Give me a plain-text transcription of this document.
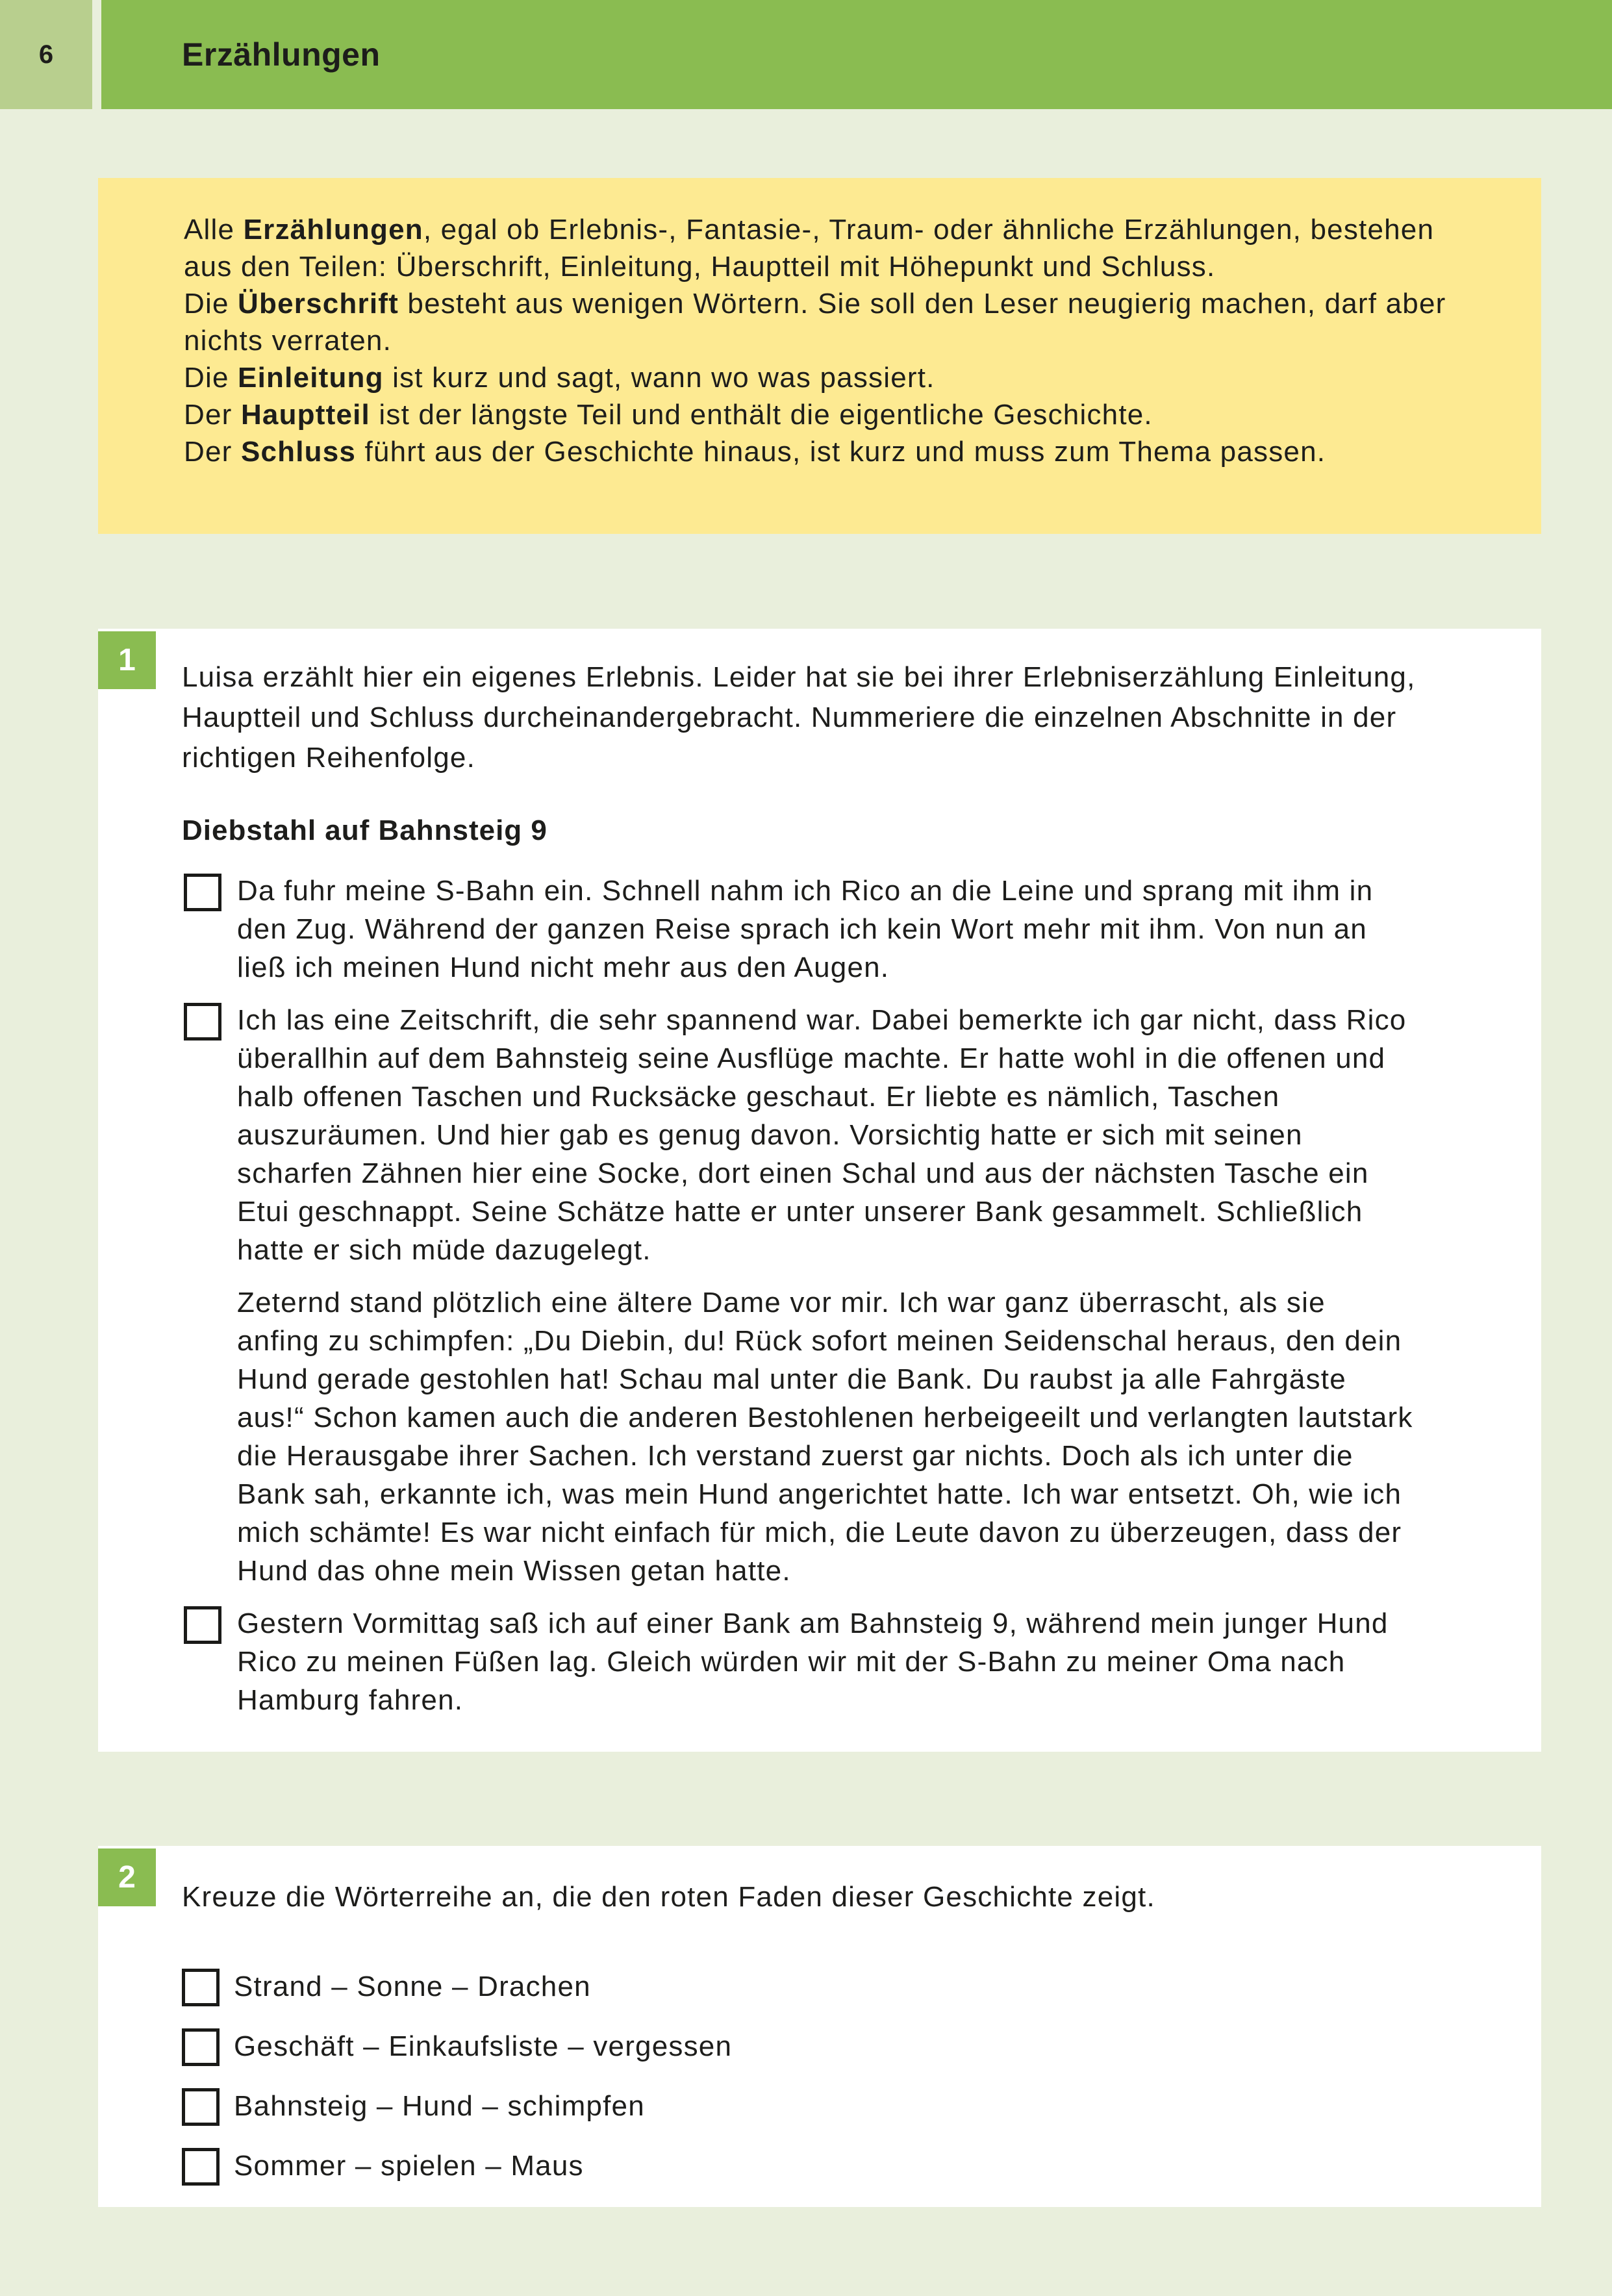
6	Erzählungen
Alle Erzählungen, egal ob Erlebnis-, Fantasie-, Traum- oder ähnliche Erzählungen, bestehen aus den Teilen: Überschrift, Einleitung, Hauptteil mit Höhepunkt und Schluss.
Die Überschrift besteht aus wenigen Wörtern. Sie soll den Leser neugierig machen, darf aber nichts verraten.
Die Einleitung ist kurz und sagt, wann wo was passiert.
Der Hauptteil ist der längste Teil und enthält die eigentliche Geschichte.
Der Schluss führt aus der Geschichte hinaus, ist kurz und muss zum Thema passen.
1 Luisa erzählt hier ein eigenes Erlebnis. Leider hat sie bei ihrer Erlebniserzählung Einleitung, Hauptteil und Schluss durcheinandergebracht. Nummeriere die einzelnen Abschnitte in der richtigen Reihenfolge.

Diebstahl auf Bahnsteig 9
Da fuhr meine S-Bahn ein. Schnell nahm ich Rico an die Leine und sprang mit ihm in den Zug. Während der ganzen Reise sprach ich kein Wort mehr mit ihm. Von nun an ließ ich meinen Hund nicht mehr aus den Augen.
Ich las eine Zeitschrift, die sehr spannend war. Dabei bemerkte ich gar nicht, dass Rico überallhin auf dem Bahnsteig seine Ausflüge machte. Er hatte wohl in die offenen und halb offenen Taschen und Rucksäcke geschaut. Er liebte es nämlich, Taschen auszuräumen. Und hier gab es genug davon. Vorsichtig hatte er sich mit seinen scharfen Zähnen hier eine Socke, dort einen Schal und aus der nächsten Tasche ein Etui geschnappt. Seine Schätze hatte er unter unserer Bank gesammelt. Schließlich hatte er sich müde dazugelegt.
Zeternd stand plötzlich eine ältere Dame vor mir. Ich war ganz überrascht, als sie anfing zu schimpfen: „Du Diebin, du! Rück sofort meinen Seidenschal heraus, den dein Hund gerade gestohlen hat! Schau mal unter die Bank. Du raubst ja alle Fahrgäste aus!“ Schon kamen auch die anderen Bestohlenen herbeigeeilt und verlangten lautstark die Herausgabe ihrer Sachen. Ich verstand zuerst gar nichts. Doch als ich unter die Bank sah, erkannte ich, was mein Hund angerichtet hatte. Ich war entsetzt. Oh, wie ich mich schämte! Es war nicht einfach für mich, die Leute davon zu überzeugen, dass der Hund das ohne mein Wissen getan hatte.
Gestern Vormittag saß ich auf einer Bank am Bahnsteig 9, während mein junger Hund Rico zu meinen Füßen lag. Gleich würden wir mit der S-Bahn zu meiner Oma nach Hamburg fahren.
2

Kreuze die Wörterreihe an, die den roten Faden dieser Geschichte zeigt.

Strand – Sonne – Drachen
Geschäft – Einkaufsliste – vergessen
Bahnsteig – Hund – schimpfen
Sommer – spielen – Maus
